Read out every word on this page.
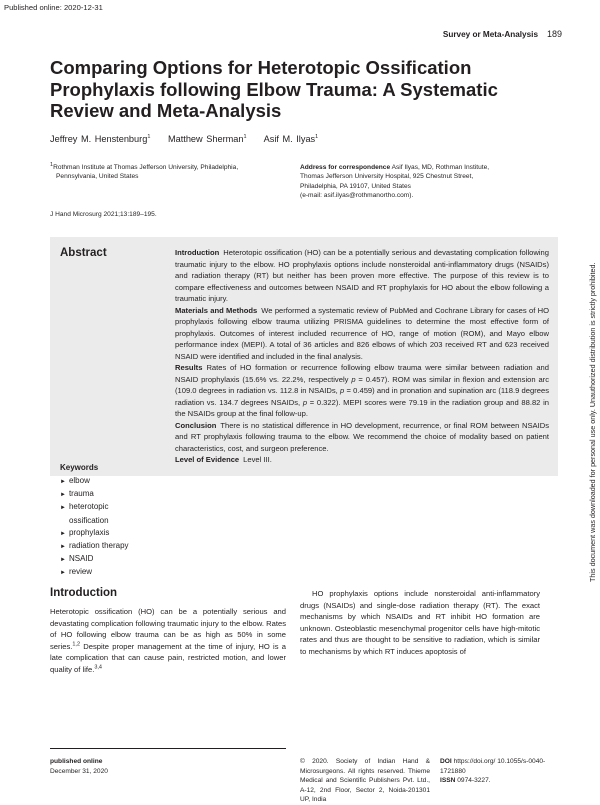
Published online: 2020-12-31
Survey or Meta-Analysis 189
Comparing Options for Heterotopic Ossification Prophylaxis following Elbow Trauma: A Systematic Review and Meta-Analysis
Jeffrey M. Henstenburg$^1$ Matthew Sherman$^1$ Asif M. Ilyas$^1$
$^1$Rothman Institute at Thomas Jefferson University, Philadelphia,
Pennsylvania, United States
Address for correspondence Asif Ilyas, MD, Rothman Institute,
Thomas Jefferson University Hospital, 925 Chestnut Street,
Philadelphia, PA 19107, United States
(e-mail: asif.ilyas@rothmanortho.com).
J Hand Microsurg 2021;13:189–195.
Abstract	Introduction Heterotopic ossification (HO) can be a potentially serious and devastating complication following traumatic injury to the elbow. HO prophylaxis options include nonsteroidal anti-inflammatory drugs (NSAIDs) and radiation therapy (RT) but neither has been proven more effective. The purpose of this review is to compare effectiveness and outcomes between NSAID and RT prophylaxis for HO about the elbow following a traumatic injury.

Materials and Methods We performed a systematic review of PubMed and Cochrane Library for cases of HO prophylaxis following elbow trauma utilizing PRISMA guidelines to determine the most effective form of prophylaxis. Outcomes of interest included recurrence of HO, range of motion (ROM), and Mayo elbow performance index (MEPI). A total of 36 articles and 826 elbows of which 203 received RT and 623 received NSAID were identified and included in the final analysis.

Results Rates of HO formation or recurrence following elbow trauma were similar between radiation and NSAID prophylaxis (15.6% vs. 22.2%, respectively p = 0.457). ROM was similar in flexion and extension arc (109.0 degrees in radiation vs. 112.8 in NSAIDs, p = 0.459) and in pronation and supination arc (118.9 degrees radiation vs. 134.7 degrees NSAIDs, p = 0.322). MEPI scores were 79.19 in the radiation group and 88.82 in the NSAIDs group at the final follow-up.

Conclusion There is no statistical difference in HO development, recurrence, or final ROM between NSAIDs and RT prophylaxis following trauma to the elbow. We recommend the choice of modality based on patient characteristics, cost, and surgeon preference.

Level of Evidence Level III.

Keywords
► elbow
► trauma
► heterotopic
ossification
► prophylaxis
► radiation therapy
► NSAID
► review
Introduction
Heterotopic ossification (HO) can be a potentially serious and devastating complication following traumatic injury to the elbow. Rates of HO following elbow trauma can be as high as 50% in some series.$^{1,2}$ Despite proper management at the time of injury, HO is a late complication that can cause pain, restricted motion, and lower quality of life.$^{3,4}$
HO prophylaxis options include nonsteroidal anti-inflammatory drugs (NSAIDs) and single-dose radiation therapy (RT). The exact mechanisms by which NSAIDs and RT inhibit HO formation are unknown. Osteoblastic mesenchymal progenitor cells have high-mitotic rates and thus are thought to be sensitive to radiation, which is similar to mechanisms by which RT induces apoptosis of
published online
December 31, 2020
© 2020. Society of Indian Hand & Microsurgeons. All rights reserved. Thieme Medical and Scientific Publishers Pvt. Ltd., A-12, 2nd Floor, Sector 2, Noida-201301 UP, India
DOI https://doi.org/ 10.1055/s-0040-1721880
ISSN 0974-3227.
This document was downloaded for personal use only. Unauthorized distribution is strictly prohibited.
